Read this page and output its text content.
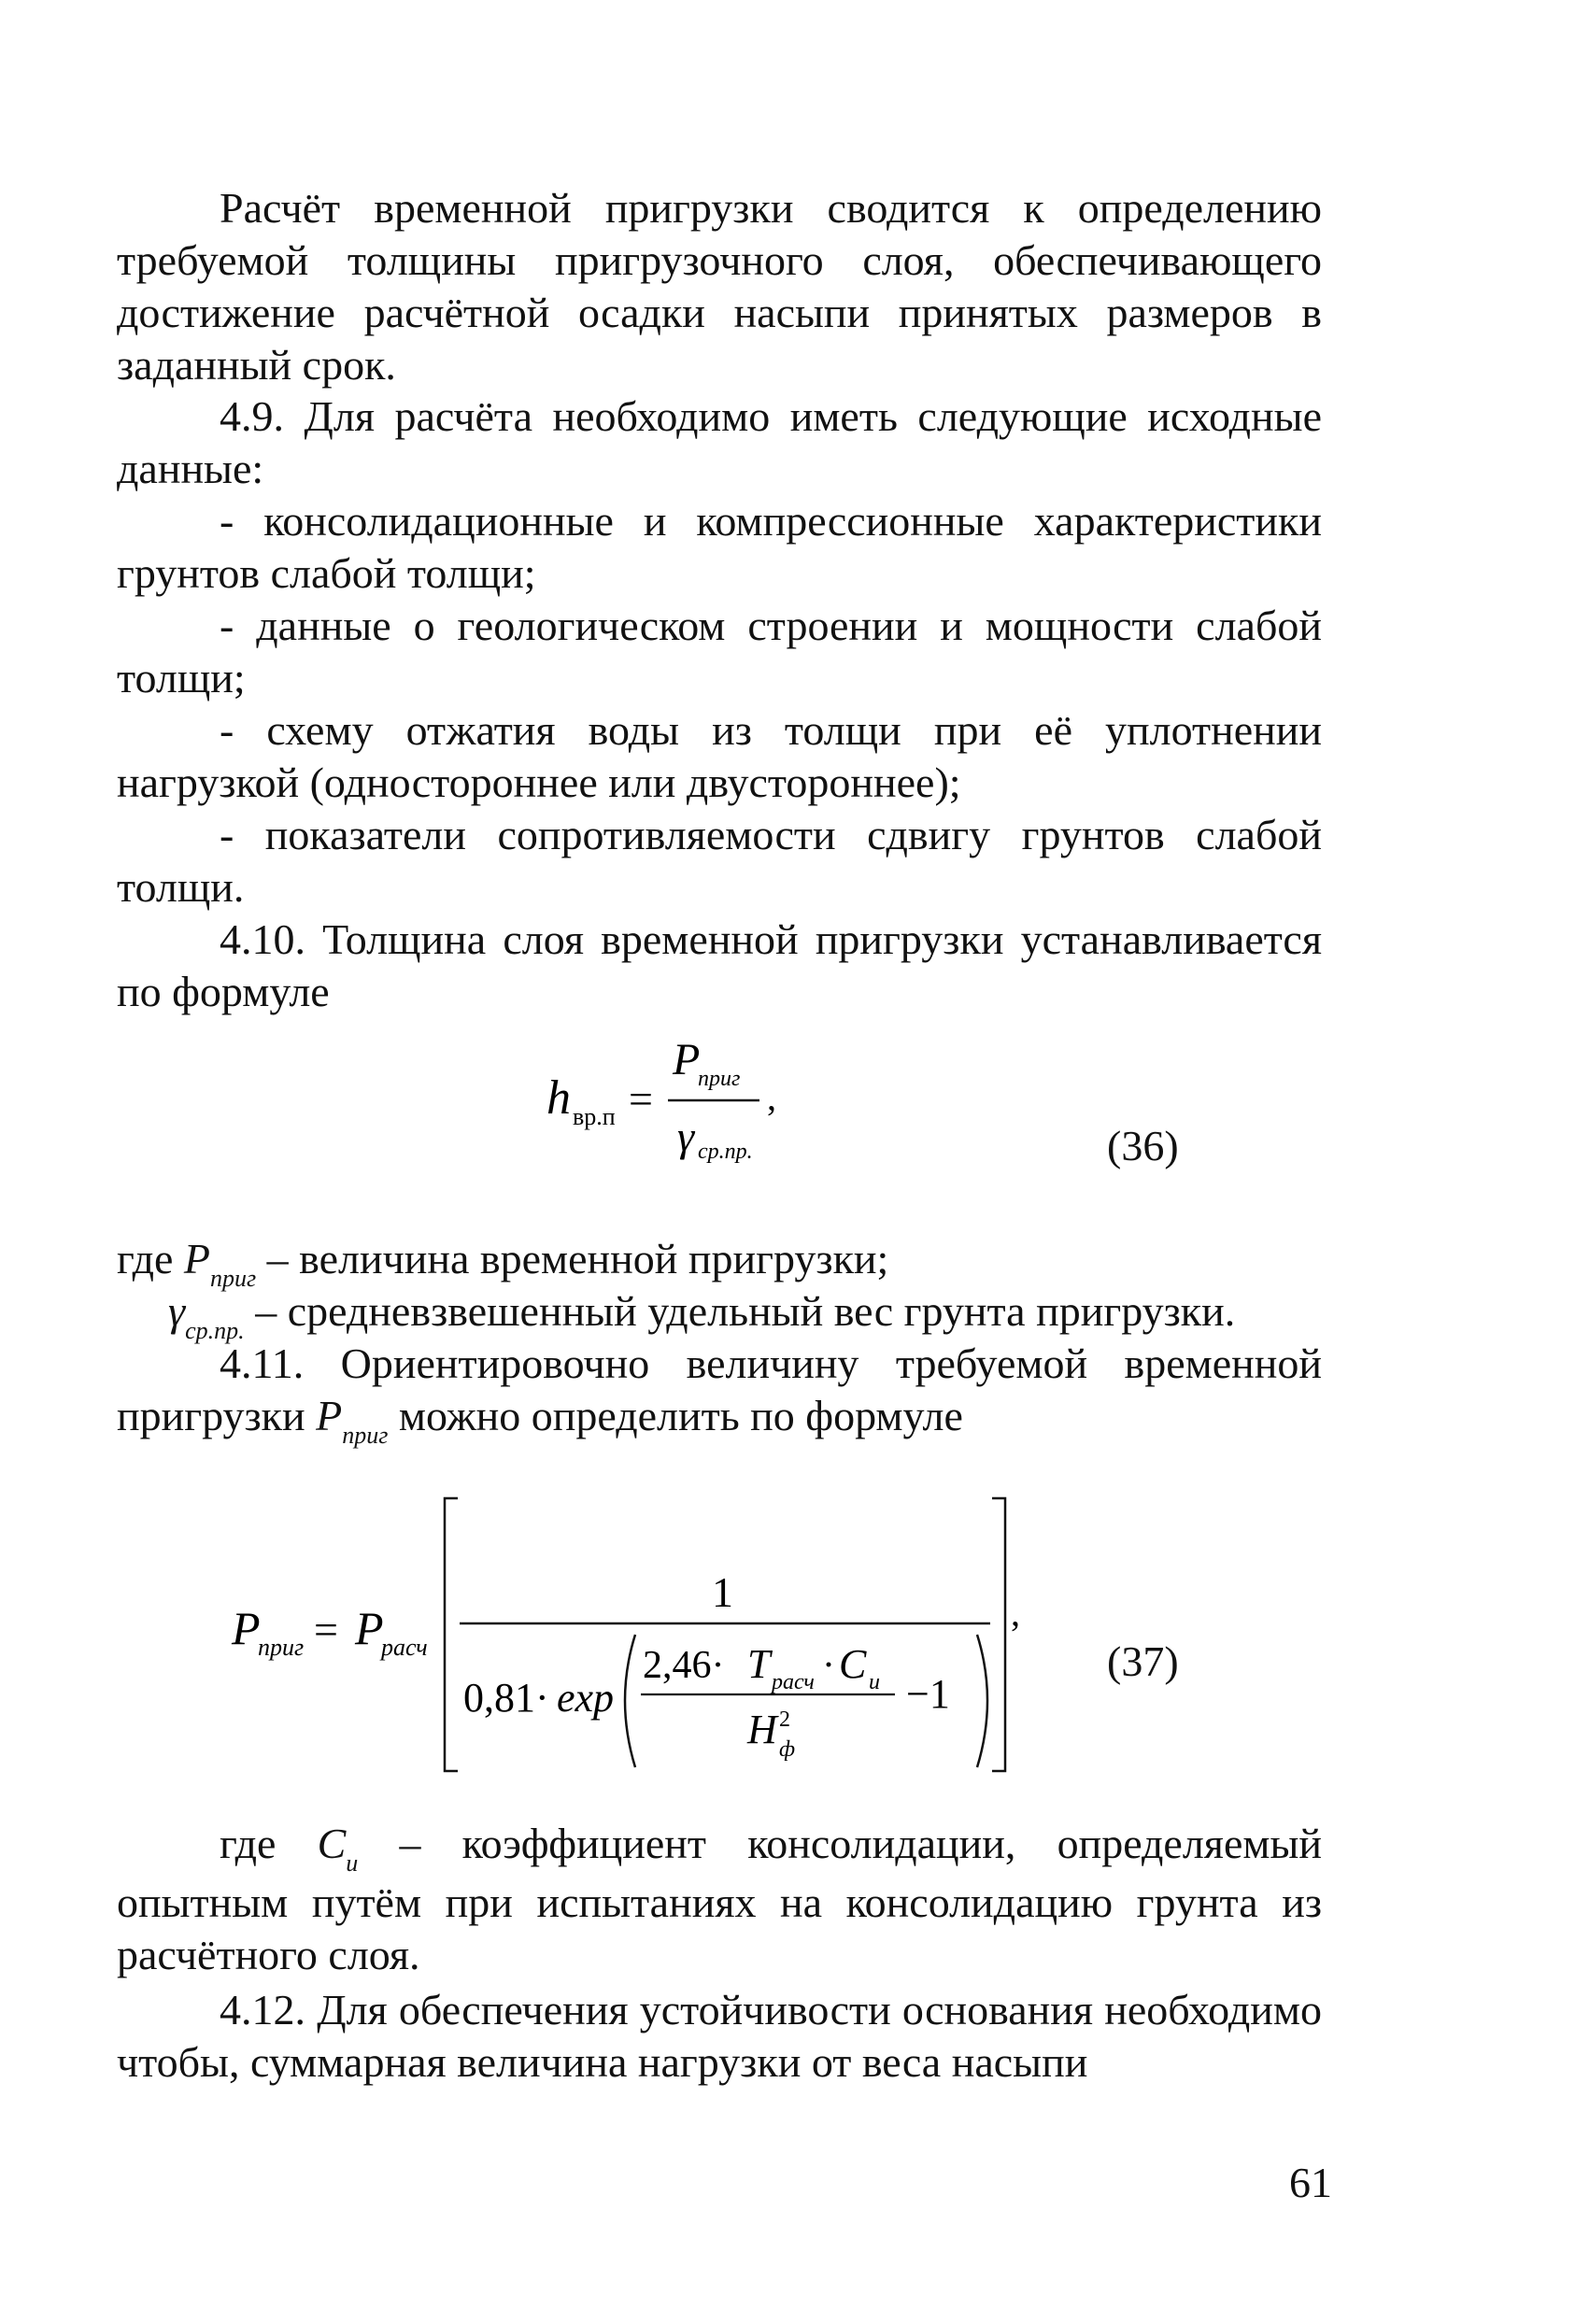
Расчёт временной пригрузки сводится к определению требуемой толщины пригрузочного слоя, обеспечивающего достижение расчётной осадки насыпи принятых размеров в заданный срок.

4.9. Для расчёта необходимо иметь следующие исходные данные:

- консолидационные и компрессионные характеристики грунтов слабой толщи;

- данные о геологическом строении и мощности слабой толщи;

- схему отжатия воды из толщи при её уплотнении нагрузкой (одностороннее или двустороннее);

- показатели сопротивляемости сдвигу грунтов слабой толщи.

4.10. Толщина слоя временной пригрузки устанавливается по формуле

h вр.п =
P
приг
γ ср.пр.
,
(36)
где $P_{приг}$ – величина временной пригрузки;
$\gamma_{ср.пр.}$ – средневзвешенный удельный вес грунта пригрузки.
4.11. Ориентировочно величину требуемой временной пригрузки $P_{приг}$ можно определить по формуле
P
приг = P
расч
1
0,81· exp
2,46· T расч · C u
H 2
ф
−1
,
(37)
где $C_u$ – коэффициент консолидации, определяемый опытным путём при испытаниях на консолидацию грунта из расчётного слоя.

4.12. Для обеспечения устойчивости основания необходимо чтобы, суммарная величина нагрузки от веса насыпи

61
